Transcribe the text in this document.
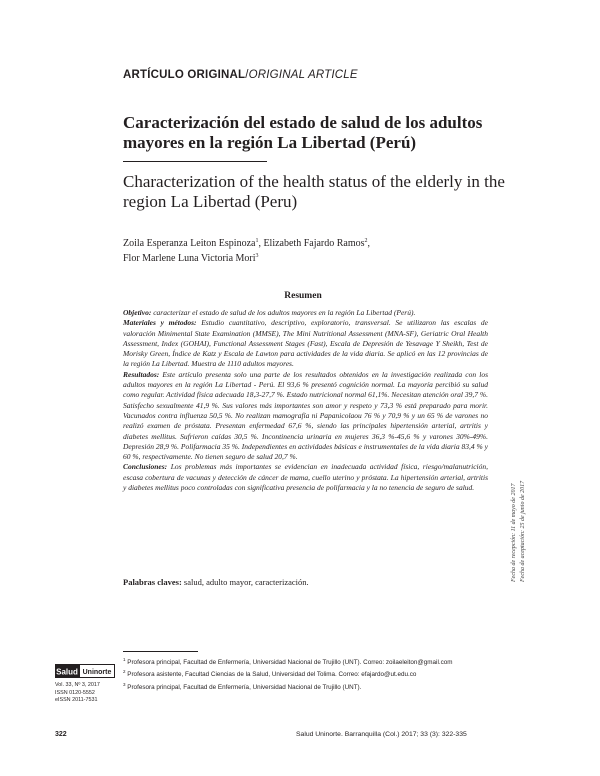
ARTÍCULO ORIGINAL/ORIGINAL ARTICLE
Caracterización del estado de salud de los adultos mayores en la región La Libertad (Perú)
Characterization of the health status of the elderly in the region La Libertad (Peru)
Zoila Esperanza Leiton Espinoza$^1$, Elizabeth Fajardo Ramos$^2$,
Flor Marlene Luna Victoria Mori$^3$
Resumen

Objetivo: caracterizar el estado de salud de los adultos mayores en la región La Libertad (Perú).

Materiales y métodos: Estudio cuantitativo, descriptivo, exploratorio, transversal. Se utilizaron las escalas de valoración Minimental State Examination (MMSE), The Mini Nutritional Assessment (MNA-SF), Geriatric Oral Health Assessment, Index (GOHAI), Functional Assessment Stages (Fast), Escala de Depresión de Yesavage Y Sheikh, Test de Morisky Green, Índice de Katz y Escala de Lawton para actividades de la vida diaria. Se aplicó en las 12 provincias de la región La Libertad. Muestra de 1110 adultos mayores.

Resultados: Este artículo presenta solo una parte de los resultados obtenidos en la investigación realizada con los adultos mayores en la región La Libertad - Perú. El 93,6 % presentó cognición normal. La mayoría percibió su salud como regular. Actividad física adecuada 18,3-27,7 %. Estado nutricional normal 61,1%. Necesitan atención oral 39,7 %. Satisfecho sexualmente 41,9 %. Sus valores más importantes son amor y respeto y 73,3 % está preparado para morir. Vacunados contra influenza 50,5 %. No realizan mamografía ni Papanicolaou 76 % y 70,9 % y un 65 % de varones no realizó examen de próstata. Presentan enfermedad 67,6 %, siendo las principales hipertensión arterial, artritis y diabetes mellitus. Sufrieron caídas 30,5 %. Incontinencia urinaria en mujeres 36,3 %-45,6 % y varones 30%-49%. Depresión 28,9 %. Polifarmacia 35 %. Independientes en actividades básicas e instrumentales de la vida diaria 83,4 % y 60 %, respectivamente. No tienen seguro de salud 20,7 %.

Conclusiones: Los problemas más importantes se evidencian en inadecuada actividad física, riesgo/malanutrición, escasa cobertura de vacunas y detección de cáncer de mama, cuello uterino y próstata. La hipertensión arterial, artritis y diabetes mellitus poco controladas con significativa presencia de polifarmacia y la no tenencia de seguro de salud.

Palabras claves: salud, adulto mayor, caracterización.	Fecha de recepción: 11 de mayo de 2017 Fecha de aceptación: 25 de junio de 2017

$^1$ Profesora principal, Facultad de Enfermería, Universidad Nacional de Trujillo (UNT). Correo: zoilaeleiton@gmail.com

$^2$ Profesora asistente, Facultad Ciencias de la Salud, Universidad del Tolima. Correo: efajardo@ut.edu.co

$^3$ Profesora principal, Facultad de Enfermería, Universidad Nacional de Trujillo (UNT).

Salud Uninorte
Vol. 33, Nº 3, 2017
ISSN 0120-5552
eISSN 2011-7531
322	Salud Uninorte. Barranquilla (Col.) 2017; 33 (3): 322-335
